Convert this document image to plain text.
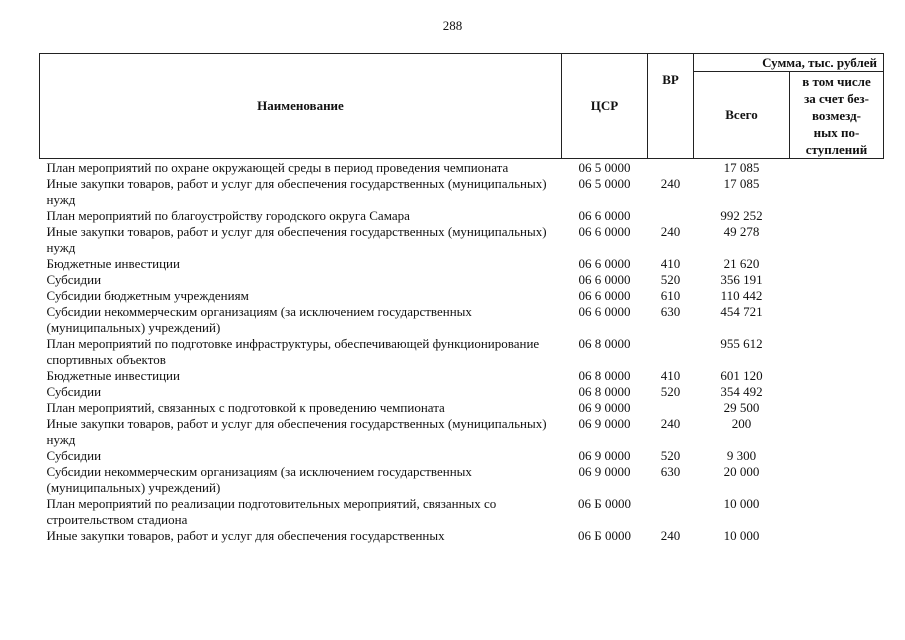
288
Наименование	ЦСР	ВР	Сумма, тыс. рублей	
			Всего	в том числе
за счет без-
возмезд-
ных по-
ступлений

План мероприятий по охране окружающей среды в период проведения чемпионата	06 5 0000		17 085	
Иные закупки товаров, работ и услуг для обеспечения государственных (муниципальных) нужд	06 5 0000	240	17 085	
План мероприятий по благоустройству городского округа Самара	06 6 0000		992 252	
Иные закупки товаров, работ и услуг для обеспечения государственных (муниципальных) нужд	06 6 0000	240	49 278	
Бюджетные инвестиции	06 6 0000	410	21 620	
Субсидии	06 6 0000	520	356 191	
Субсидии бюджетным учреждениям	06 6 0000	610	110 442	
Субсидии некоммерческим организациям (за исключением государственных (муниципальных) учреждений)	06 6 0000	630	454 721	
План мероприятий по подготовке инфраструктуры, обеспечивающей функционирование спортивных объектов	06 8 0000		955 612	
Бюджетные инвестиции	06 8 0000	410	601 120	
Субсидии	06 8 0000	520	354 492	
План мероприятий, связанных с подготовкой к проведению чемпионата	06 9 0000		29 500	
Иные закупки товаров, работ и услуг для обеспечения государственных (муниципальных) нужд	06 9 0000	240	200	
Субсидии	06 9 0000	520	9 300	
Субсидии некоммерческим организациям (за исключением государственных (муниципальных) учреждений)	06 9 0000	630	20 000	
План мероприятий по реализации подготовительных мероприятий, связанных со строительством стадиона	06 Б 0000		10 000	
Иные закупки товаров, работ и услуг для обеспечения государственных	06 Б 0000	240	10 000	
